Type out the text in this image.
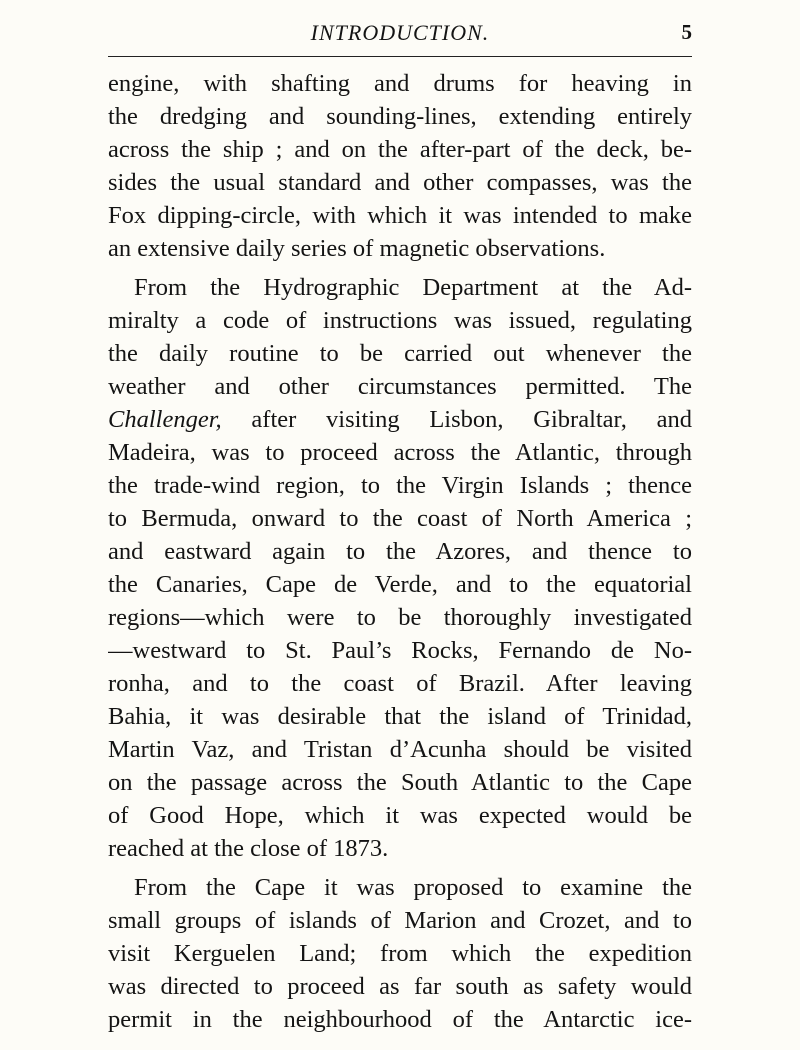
INTRODUCTION.	5
engine, with shafting and drums for heaving in
the dredging and sounding-lines, extending entirely
across the ship ; and on the after-part of the deck, be-
sides the usual standard and other compasses, was the
Fox dipping-circle, with which it was intended to make
an extensive daily series of magnetic observations.
From the Hydrographic Department at the Ad-
miralty a code of instructions was issued, regulating
the daily routine to be carried out whenever the
weather and other circumstances permitted. The
Challenger, after visiting Lisbon, Gibraltar, and
Madeira, was to proceed across the Atlantic, through
the trade-wind region, to the Virgin Islands ; thence
to Bermuda, onward to the coast of North America ;
and eastward again to the Azores, and thence to
the Canaries, Cape de Verde, and to the equatorial
regions—which were to be thoroughly investigated
—westward to St. Paul’s Rocks, Fernando de No-
ronha, and to the coast of Brazil. After leaving
Bahia, it was desirable that the island of Trinidad,
Martin Vaz, and Tristan d’Acunha should be visited
on the passage across the South Atlantic to the Cape
of Good Hope, which it was expected would be
reached at the close of 1873.
From the Cape it was proposed to examine the
small groups of islands of Marion and Crozet, and to
visit Kerguelen Land; from which the expedition
was directed to proceed as far south as safety would
permit in the neighbourhood of the Antarctic ice-
